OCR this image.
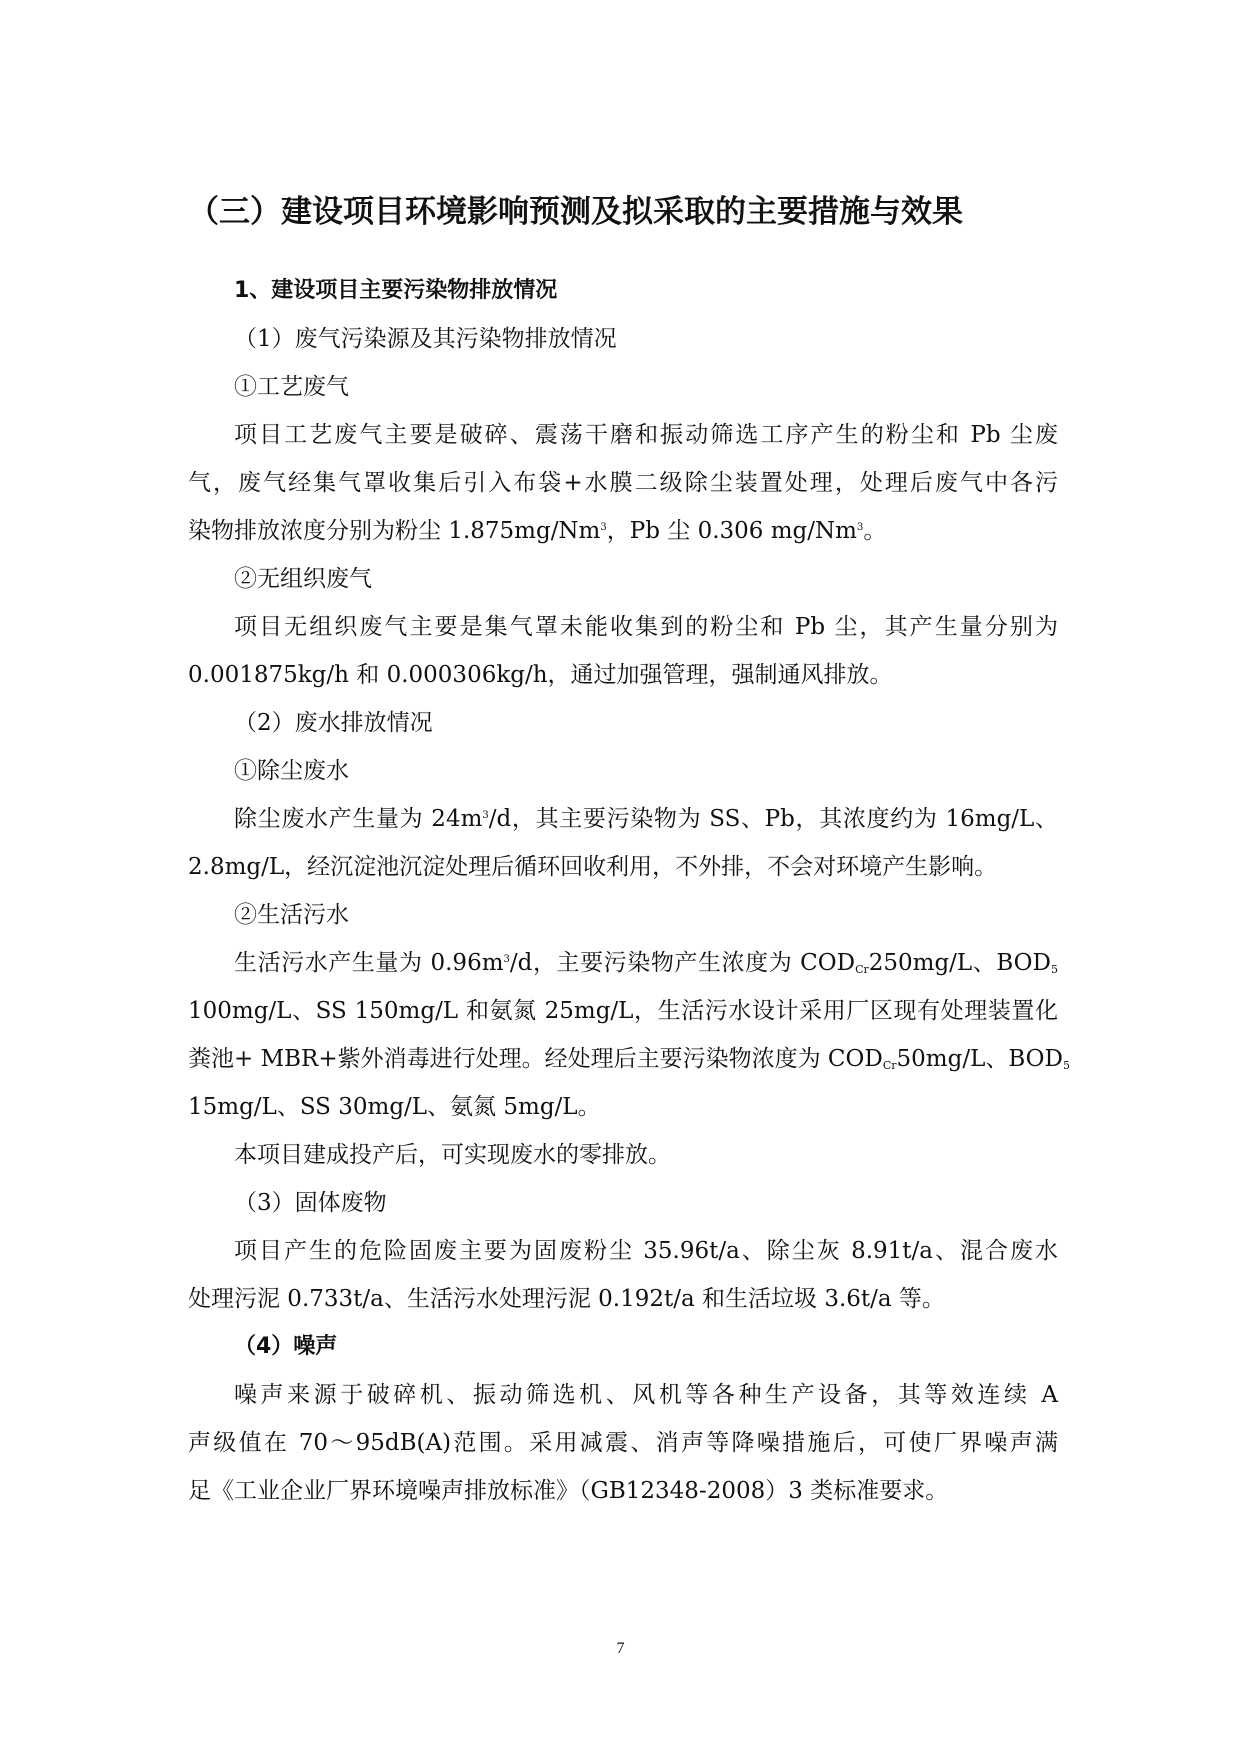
（三）建设项目环境影响预测及拟采取的主要措施与效果
1、建设项目主要污染物排放情况
（1）废气污染源及其污染物排放情况
①工艺废气
项目工艺废气主要是破碎、震荡干磨和振动筛选工序产生的粉尘和 Pb 尘废
气，废气经集气罩收集后引入布袋+水膜二级除尘装置处理，处理后废气中各污
染物排放浓度分别为粉尘 1.875mg/Nm$^3$，Pb 尘 0.306 mg/Nm$^3$。
②无组织废气
项目无组织废气主要是集气罩未能收集到的粉尘和 Pb 尘，其产生量分别为
0.001875kg/h 和 0.000306kg/h，通过加强管理，强制通风排放。
（2）废水排放情况
①除尘废水
除尘废水产生量为 $24m^3/d$，其主要污染物为 SS、Pb，其浓度约为 16mg/L、
2.8mg/L，经沉淀池沉淀处理后循环回收利用，不外排，不会对环境产生影响。
②生活污水
生活污水产生量为 $0.96m^3/d$，主要污染物产生浓度为 $COD_{Cr}250mg/L$、$BOD_5$
100mg/L、SS 150mg/L 和氨氮 25mg/L，生活污水设计采用厂区现有处理装置化
粪池+ MBR+紫外消毒进行处理。经处理后主要污染物浓度为 $COD_{Cr}50mg/L$、$BOD_5$
15mg/L、SS 30mg/L、氨氮 5mg/L。
本项目建成投产后，可实现废水的零排放。
（3）固体废物
项目产生的危险固废主要为固废粉尘 35.96t/a、除尘灰 8.91t/a、混合废水
处理污泥 0.733t/a、生活污水处理污泥 0.192t/a 和生活垃圾 3.6t/a 等。
（4）噪声
噪声来源于破碎机、振动筛选机、风机等各种生产设备，其等效连续 A
声级值在 70～95dB(A)范围。采用减震、消声等降噪措施后，可使厂界噪声满
足《工业企业厂界环境噪声排放标准》（GB12348-2008）3 类标准要求。
7
